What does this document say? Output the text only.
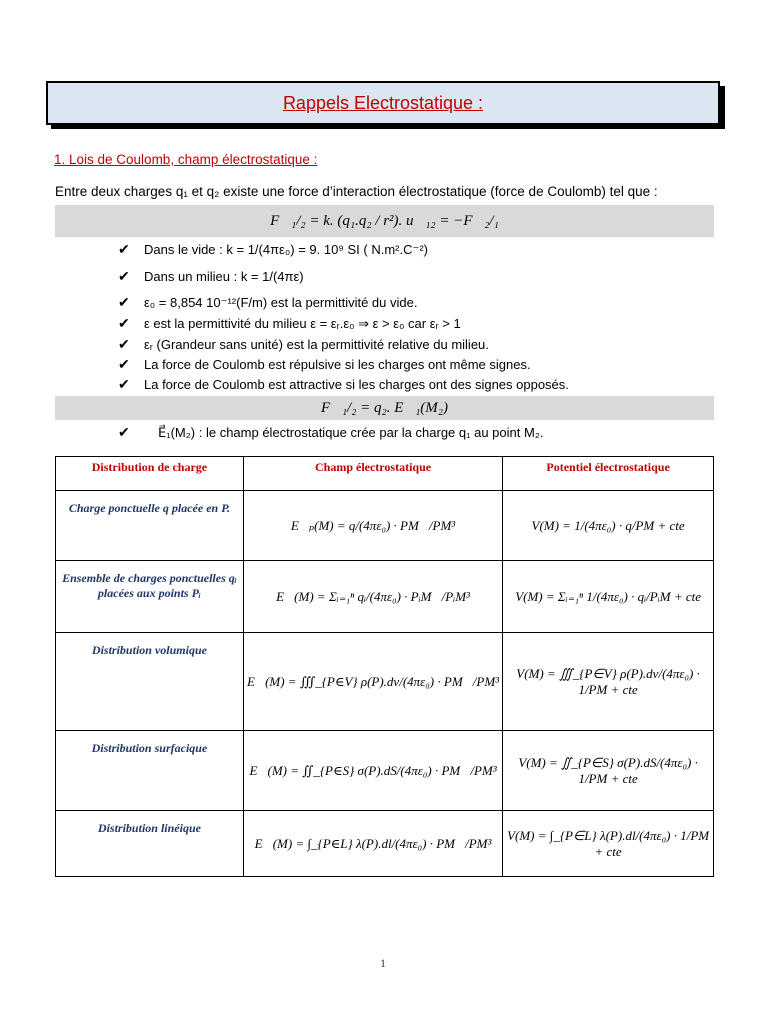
Rappels Electrostatique :
1. Lois de Coulomb, champ électrostatique :
Entre deux charges q₁ et q₂ existe une force d’interaction électrostatique (force de Coulomb) tel que :
F⃗₁/₂ = k. (q₁.q₂ / r²). u⃗₁₂ = −F⃗₂/₁
✔	Dans le vide : k = 1/(4πε₀) = 9. 10⁹ SI ( N.m².C⁻²)
✔	Dans un milieu : k = 1/(4πε)
✔	ε₀ = 8,854 10⁻¹²(F/m) est la permittivité du vide.
✔	ε est la permittivité du milieu ε = εᵣ.ε₀ ⇒ ε > ε₀ car εᵣ > 1
✔	εᵣ (Grandeur sans unité) est la permittivité relative du milieu.
✔	La force de Coulomb est répulsive si les charges ont même signes.
✔	La force de Coulomb est attractive si les charges ont des signes opposés.
F⃗₁/₂ = q₂. E⃗₁(M₂)
✔	E⃗₁(M₂) : le champ électrostatique crée par la charge q₁ au point M₂.
Distribution de charge	Champ électrostatique	Potentiel électrostatique
Charge ponctuelle q placée en P.	E⃗ₚ(M) = q/(4πε₀) · PM⃗/PM³	V(M) = 1/(4πε₀) · q/PM + cte
Ensemble de charges ponctuelles qᵢ placées aux points Pᵢ	E⃗(M) = Σᵢ₌₁ⁿ qᵢ/(4πε₀) · PᵢM⃗/PᵢM³	V(M) = Σᵢ₌₁ⁿ 1/(4πε₀) · qᵢ/PᵢM + cte
Distribution volumique	E⃗(M) = ∭_{P∈V} ρ(P).dv/(4πε₀) · PM⃗/PM³	V(M) = ∭_{P∈V} ρ(P).dv/(4πε₀) · 1/PM + cte
Distribution surfacique	E⃗(M) = ∬_{P∈S} σ(P).dS/(4πε₀) · PM⃗/PM³	V(M) = ∬_{P∈S} σ(P).dS/(4πε₀) · 1/PM + cte
Distribution linéique	E⃗(M) = ∫_{P∈L} λ(P).dl/(4πε₀) · PM⃗/PM³	V(M) = ∫_{P∈L} λ(P).dl/(4πε₀) · 1/PM + cte
1
